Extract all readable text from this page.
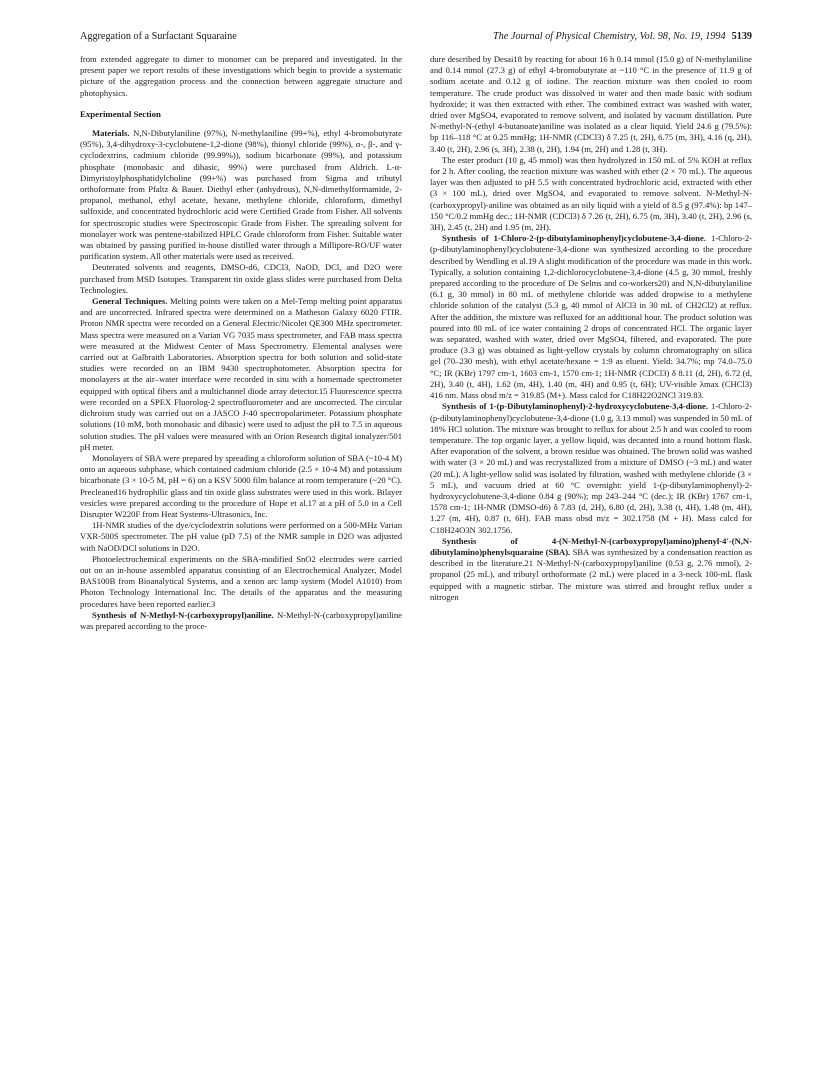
Aggregation of a Surfactant Squaraine	The Journal of Physical Chemistry, Vol. 98, No. 19, 1994 5139

from extended aggregate to dimer to monomer can be prepared and investigated. In the present paper we report results of these investigations which begin to provide a systematic picture of the aggregation process and the connection between aggregate structure and photophysics.

Experimental Section

Materials. N,N-Dibutylaniline (97%), N-methylaniline (99+%), ethyl 4-bromobutyrate (95%), 3,4-dihydroxy-3-cyclobutene-1,2-dione (98%), thionyl chloride (99%), α-, β-, and γ-cyclodextrins, cadmium chloride (99.99%)), sodium bicarbonate (99%), and potassium phosphate (monobasic and dibasic, 99%) were purchased from Aldrich. L-α-Dimyristoylphosphatidylcholine (99+%) was purchased from Sigma and tributyl orthoformate from Pfaltz & Bauer. Diethyl ether (anhydrous), N,N-dimethylformamide, 2-propanol, methanol, ethyl acetate, hexane, methylene chloride, chloroform, dimethyl sulfoxide, and concentrated hydrochloric acid were Certified Grade from Fisher. All solvents for spectroscopic studies were Spectroscopic Grade from Fisher. The spreading solvent for monolayer work was pentene-stabilized HPLC Grade chloroform from Fisher. Suitable water was obtained by passing purified in-house distilled water through a Millipore-RO/UF water purification system. All other materials were used as received.

Deuterated solvents and reagents, DMSO-d6, CDCl3, NaOD, DCl, and D2O were purchased from MSD Isotopes. Transparent tin oxide glass slides were purchased from Delta Technologies.

General Techniques. Melting points were taken on a Mel-Temp melting point apparatus and are uncorrected. Infrared spectra were determined on a Matheson Galaxy 6020 FTIR. Proton NMR spectra were recorded on a General Electric/Nicolet QE300 MHz spectrometer. Mass spectra were measured on a Varian VG 7035 mass spectrometer, and FAB mass spectra were measured at the Midwest Center of Mass Spectrometry. Elemental analyses were carried out at Galbraith Laboratories. Absorption spectra for both solution and solid-state studies were recorded on an IBM 9430 spectrophotometer. Absorption spectra for monolayers at the air–water interface were recorded in situ with a homemade spectrometer equipped with optical fibers and a multichannel diode array detector.15 Fluorescence spectra were recorded on a SPEX Fluorolog-2 spectrofluorometer and are uncorrected. The circular dichroism study was carried out on a JASCO J-40 spectropolarimeter. Potassium phosphate solutions (10 mM, both monobasic and dibasic) were used to adjust the pH to 7.5 in aqueous solution studies. The pH values were measured with an Orion Research digital ionalyzer/501 pH meter.

Monolayers of SBA were prepared by spreading a chloroform solution of SBA (~10-4 M) onto an aqueous subphase, which contained cadmium chloride (2.5 × 10-4 M) and potassium bicarbonate (3 × 10-5 M, pH = 6) on a KSV 5000 film balance at room temperature (~20 °C). Precleaned16 hydrophilic glass and tin oxide glass substrates were used in this work. Bilayer vesicles were prepared according to the procedure of Hope et al.17 at a pH of 5.0 in a Cell Disrupter W220F from Heat Systems-Ultrasonics, Inc.

1H-NMR studies of the dye/cyclodextrin solutions were performed on a 500-MHz Varian VXR-500S spectrometer. The pH value (pD 7.5) of the NMR sample in D2O was adjusted with NaOD/DCl solutions in D2O.

Photoelectrochemical experiments on the SBA-modified SnO2 electrodes were carried out on an in-house assembled apparatus consisting of an Electrochemical Analyzer, Model BAS100B from Bioanalytical Systems, and a xenon arc lamp system (Model A1010) from Photon Technology International Inc. The details of the apparatus and the measuring procedures have been reported earlier.3

Synthesis of N-Methyl-N-(carboxypropyl)aniline. N-Methyl-N-(carboxypropyl)aniline was prepared according to the proce-

dure described by Desai18 by reacting for about 16 h 0.14 mmol (15.0 g) of N-methylaniline and 0.14 mmol (27.3 g) of ethyl 4-bromobutyrate at ~110 °C in the presence of 11.9 g of sodium acetate and 0.12 g of iodine. The reaction mixture was then cooled to room temperature. The crude product was dissolved in water and then made basic with sodium hydroxide; it was then extracted with ether. The combined extract was washed with water, dried over MgSO4, evaporated to remove solvent, and isolated by vacuum distillation. Pure N-methyl-N-(ethyl 4-butanoate)aniline was isolated as a clear liquid. Yield 24.6 g (79.5%): bp 116–118 °C at 0.25 mmHg; 1H-NMR (CDCl3) δ 7.25 (t, 2H), 6.75 (m, 3H), 4.16 (q, 2H), 3.40 (t, 2H), 2.96 (s, 3H), 2.38 (t, 2H), 1.94 (m, 2H) and 1.28 (t, 3H).

The ester product (10 g, 45 mmol) was then hydrolyzed in 150 mL of 5% KOH at reflux for 2 h. After cooling, the reaction mixture was washed with ether (2 × 70 mL). The aqueous layer was then adjusted to pH 5.5 with concentrated hydrochloric acid, extracted with ether (3 × 100 mL), dried over MgSO4, and evaporated to remove solvent. N-Methyl-N-(carboxypropyl)-aniline was obtained as an oily liquid with a yield of 8.5 g (97.4%): bp 147–150 °C/0.2 mmHg dec.; 1H-NMR (CDCl3) δ 7.26 (t, 2H), 6.75 (m, 3H), 3.40 (t, 2H), 2.96 (s, 3H), 2.45 (t, 2H) and 1.95 (m, 2H).

Synthesis of 1-Chloro-2-(p-dibutylaminophenyl)cyclobutene-3,4-dione. 1-Chloro-2-(p-dibutylaminophenyl)cyclobutene-3,4-dione was synthesized according to the procedure described by Wendling et al.19 A slight modification of the procedure was made in this work. Typically, a solution containing 1,2-dichlorocyclobutene-3,4-dione (4.5 g, 30 mmol, freshly prepared according to the procedure of De Selms and co-workers20) and N,N-dibutylaniline (6.1 g, 30 mmol) in 80 mL of methylene chloride was added dropwise to a methylene chloride solution of the catalyst (5.3 g, 40 mmol of AlCl3 in 30 mL of CH2Cl2) at reflux. After the addition, the mixture was refluxed for an additional hour. The product solution was poured into 80 mL of ice water containing 2 drops of concentrated HCl. The organic layer was separated, washed with water, dried over MgSO4, filtered, and evaporated. The pure produce (3.3 g) was obtained as light-yellow crystals by column chromatography on silica gel (70–230 mesh), with ethyl acetate/hexane = 1:9 as eluent. Yield: 34.7%; mp 74.0–75.0 °C; IR (KBr) 1797 cm-1, 1603 cm-1, 1570 cm-1; 1H-NMR (CDCl3) δ 8.11 (d, 2H), 6.72 (d, 2H), 3.40 (t, 4H), 1.62 (m, 4H), 1.40 (m, 4H) and 0.95 (t, 6H); UV-visible λmax (CHCl3) 416 nm. Mass obsd m/z = 319.85 (M+). Mass calcd for C18H22O2NCl 319.83.

Synthesis of 1-(p-Dibutylaminophenyl)-2-hydroxycyclobutene-3,4-dione. 1-Chloro-2-(p-dibutylaminophenyl)cyclobutene-3,4-dione (1.0 g, 3.13 mmol) was suspended in 50 mL of 18% HCl solution. The mixture was brought to reflux for about 2.5 h and was cooled to room temperature. The top organic layer, a yellow liquid, was decanted into a round bottom flask. After evaporation of the solvent, a brown residue was obtained. The brown solid was washed with water (3 × 20 mL) and was recrystallized from a mixture of DMSO (~3 mL) and water (20 mL). A light-yellow solid was isolated by filtration, washed with methylene chloride (3 × 5 mL), and vacuum dried at 60 °C overnight: yield 1-(p-dibutylaminophenyl)-2-hydroxycyclobutene-3,4-dione 0.84 g (90%); mp 243–244 °C (dec.); IR (KBr) 1767 cm-1, 1578 cm-1; 1H-NMR (DMSO-d6) δ 7.83 (d, 2H), 6.80 (d, 2H), 3.38 (t, 4H), 1.48 (m, 4H), 1.27 (m, 4H), 0.87 (t, 6H). FAB mass obsd m/z = 302.1758 (M + H). Mass calcd for C18H24O3N 302.1756.

Synthesis of 4-(N-Methyl-N-(carboxypropyl)amino)phenyl-4'-(N,N-dibutylamino)phenylsquaraine (SBA). SBA was synthesized by a condensation reaction as described in the literature.21 N-Methyl-N-(carboxypropyl)aniline (0.53 g, 2.76 mmol), 2-propanol (25 mL), and tributyl orthoformate (2 mL) were placed in a 3-neck 100-mL flask equipped with a magnetic stirbar. The mixture was stirred and brought reflux under a nitrogen
